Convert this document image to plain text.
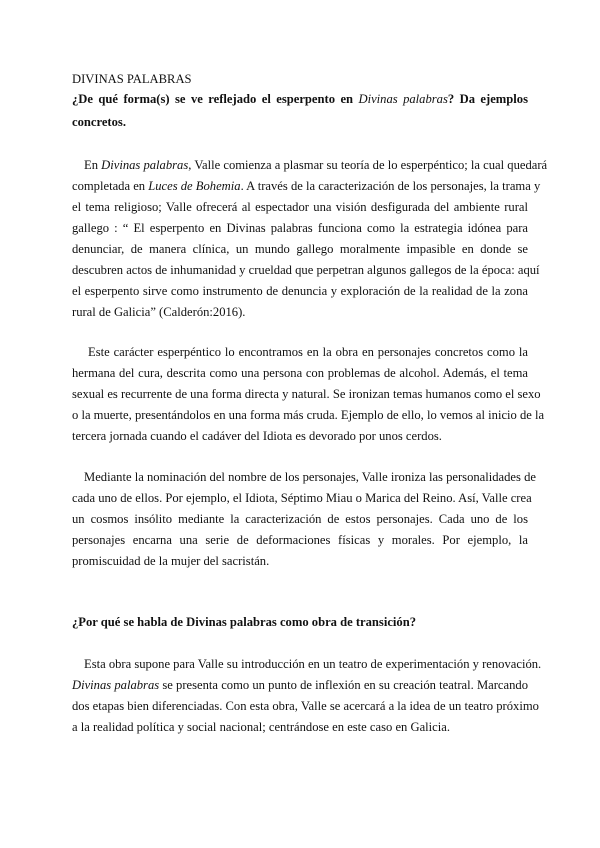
DIVINAS PALABRAS
¿De qué forma(s) se ve reflejado el esperpento en Divinas palabras? Da ejemplos
concretos.
En Divinas palabras, Valle comienza a plasmar su teoría de lo esperpéntico; la cual quedará
completada en Luces de Bohemia. A través de la caracterización de los personajes, la trama y
el tema religioso; Valle ofrecerá al espectador una visión desfigurada del ambiente rural
gallego : “ El esperpento en Divinas palabras funciona como la estrategia idónea para
denunciar, de manera clínica, un mundo gallego moralmente impasible en donde se
descubren actos de inhumanidad y crueldad que perpetran algunos gallegos de la época: aquí
el esperpento sirve como instrumento de denuncia y exploración de la realidad de la zona
rural de Galicia” (Calderón:2016).
Este carácter esperpéntico lo encontramos en la obra en personajes concretos como la
hermana del cura, descrita como una persona con problemas de alcohol. Además, el tema
sexual es recurrente de una forma directa y natural. Se ironizan temas humanos como el sexo
o la muerte, presentándolos en una forma más cruda. Ejemplo de ello, lo vemos al inicio de la
tercera jornada cuando el cadáver del Idiota es devorado por unos cerdos.
Mediante la nominación del nombre de los personajes, Valle ironiza las personalidades de
cada uno de ellos. Por ejemplo, el Idiota, Séptimo Miau o Marica del Reino. Así, Valle crea
un cosmos insólito mediante la caracterización de estos personajes. Cada uno de los
personajes encarna una serie de deformaciones físicas y morales. Por ejemplo, la
promiscuidad de la mujer del sacristán.
¿Por qué se habla de Divinas palabras como obra de transición?
Esta obra supone para Valle su introducción en un teatro de experimentación y renovación.
Divinas palabras se presenta como un punto de inflexión en su creación teatral. Marcando
dos etapas bien diferenciadas. Con esta obra, Valle se acercará a la idea de un teatro próximo
a la realidad política y social nacional; centrándose en este caso en Galicia.
